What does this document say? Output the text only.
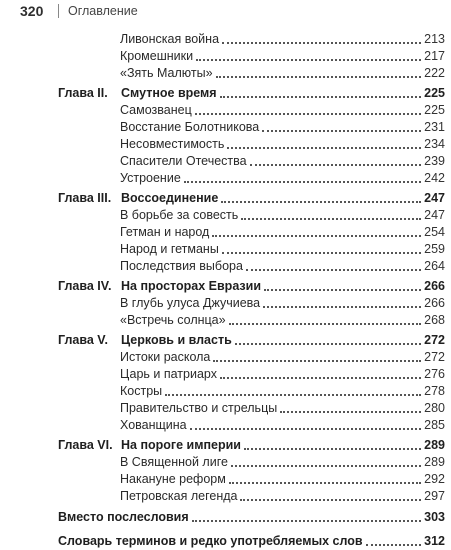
320 Оглавление
Ливонская война	213
Кромешники	217
«Зять Малюты»	222
Глава II. Смутное время	225
Самозванец	225
Восстание Болотникова	231
Несовместимость	234
Спасители Отечества	239
Устроение	242
Глава III. Воссоединение	247
В борьбе за совесть	247
Гетман и народ	254
Народ и гетманы	259
Последствия выбора	264
Глава IV. На просторах Евразии	266
В глубь улуса Джучиева	266
«Встречь солнца»	268
Глава V. Церковь и власть	272
Истоки раскола	272
Царь и патриарх	276
Костры	278
Правительство и стрельцы	280
Хованщина	285
Глава VI. На пороге империи	289
В Священной лиге	289
Накануне реформ	292
Петровская легенда	297
Вместо послесловия	303
Словарь терминов и редко употребляемых слов	312
